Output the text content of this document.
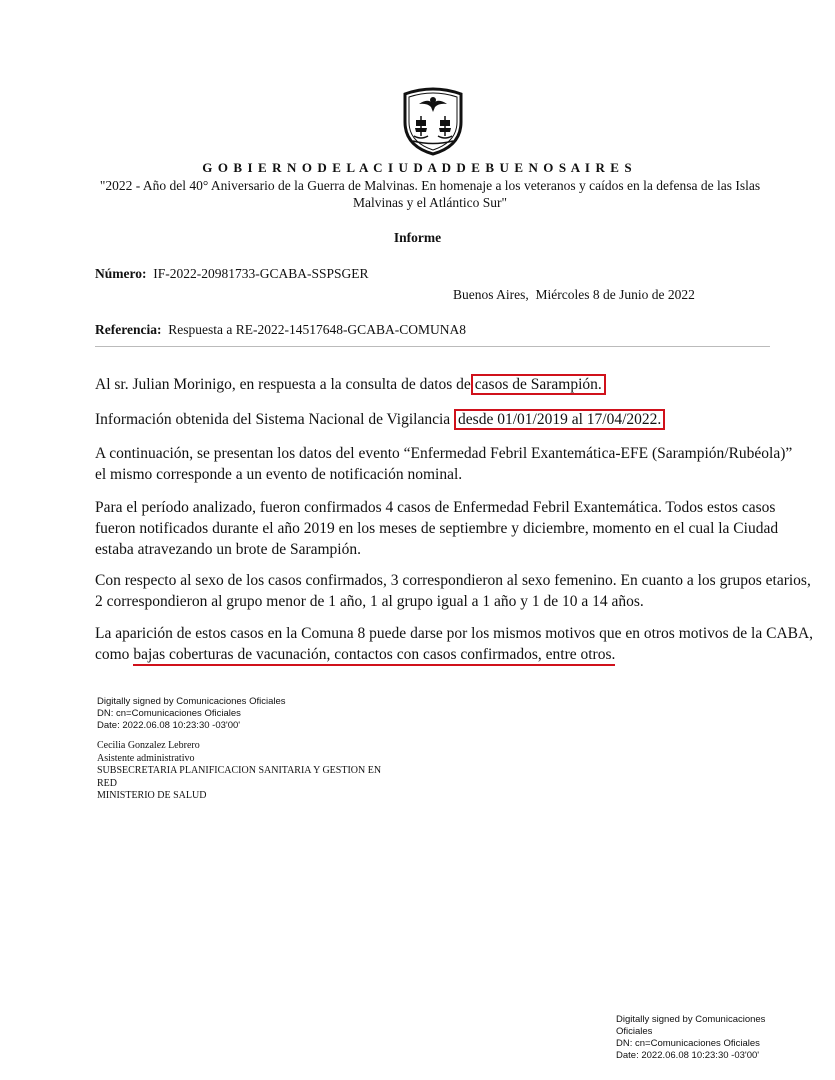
G O B I E R N O D E L A C I U D A D D E B U E N O S A I R E S
"2022 - Año del 40° Aniversario de la Guerra de Malvinas. En homenaje a los veteranos y caídos en la defensa de las Islas Malvinas y el Atlántico Sur"
Informe
Número: IF-2022-20981733-GCABA-SSPSGER
Buenos Aires,  Miércoles 8 de Junio de 2022
Referencia: Respuesta a RE-2022-14517648-GCABA-COMUNA8
Al sr. Julian Morinigo, en respuesta a la consulta de datos de casos de Sarampión.
Información obtenida del Sistema Nacional de Vigilancia desde 01/01/2019 al 17/04/2022.
A continuación, se presentan los datos del evento “Enfermedad Febril Exantemática-EFE (Sarampión/Rubéola)” el mismo corresponde a un evento de notificación nominal.
Para el período analizado, fueron confirmados 4 casos de Enfermedad Febril Exantemática. Todos estos casos fueron notificados durante el año 2019 en los meses de septiembre y diciembre, momento en el cual la Ciudad estaba atravezando un brote de Sarampión.
Con respecto al sexo de los casos confirmados, 3 correspondieron al sexo femenino. En cuanto a los grupos etarios, 2 correspondieron al grupo menor de 1 año, 1 al grupo igual a 1 año y 1 de 10 a 14 años.
La aparición de estos casos en la Comuna 8 puede darse por los mismos motivos que en otros motivos de la CABA, como bajas coberturas de vacunación, contactos con casos confirmados, entre otros.
Digitally signed by Comunicaciones Oficiales
DN: cn=Comunicaciones Oficiales
Date: 2022.06.08 10:23:30 -03'00'
Cecilia Gonzalez Lebrero
Asistente administrativo
SUBSECRETARIA PLANIFICACION SANITARIA Y GESTION EN
RED
MINISTERIO DE SALUD
Digitally signed by Comunicaciones
Oficiales
DN: cn=Comunicaciones Oficiales
Date: 2022.06.08 10:23:30 -03'00'
